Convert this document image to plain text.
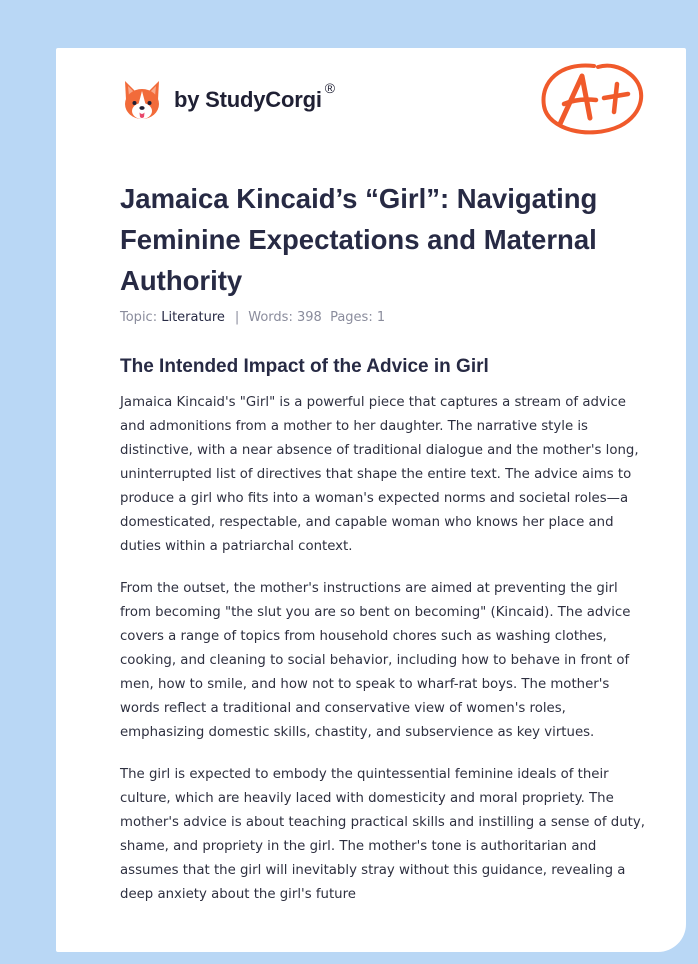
by StudyCorgi ®
Jamaica Kincaid’s “Girl”: Navigating Feminine Expectations and Maternal Authority
Topic: Literature | Words: 398 Pages: 1
The Intended Impact of the Advice in Girl

Jamaica Kincaid's "Girl" is a powerful piece that captures a stream of advice and admonitions from a mother to her daughter. The narrative style is distinctive, with a near absence of traditional dialogue and the mother's long, uninterrupted list of directives that shape the entire text. The advice aims to produce a girl who fits into a woman's expected norms and societal roles—a domesticated, respectable, and capable woman who knows her place and duties within a patriarchal context.

From the outset, the mother's instructions are aimed at preventing the girl from becoming "the slut you are so bent on becoming" (Kincaid). The advice covers a range of topics from household chores such as washing clothes, cooking, and cleaning to social behavior, including how to behave in front of men, how to smile, and how not to speak to wharf-rat boys. The mother's words reflect a traditional and conservative view of women's roles, emphasizing domestic skills, chastity, and subservience as key virtues.

The girl is expected to embody the quintessential feminine ideals of their culture, which are heavily laced with domesticity and moral propriety. The mother's advice is about teaching practical skills and instilling a sense of duty, shame, and propriety in the girl. The mother's tone is authoritarian and assumes that the girl will inevitably stray without this guidance, revealing a deep anxiety about the girl's future
